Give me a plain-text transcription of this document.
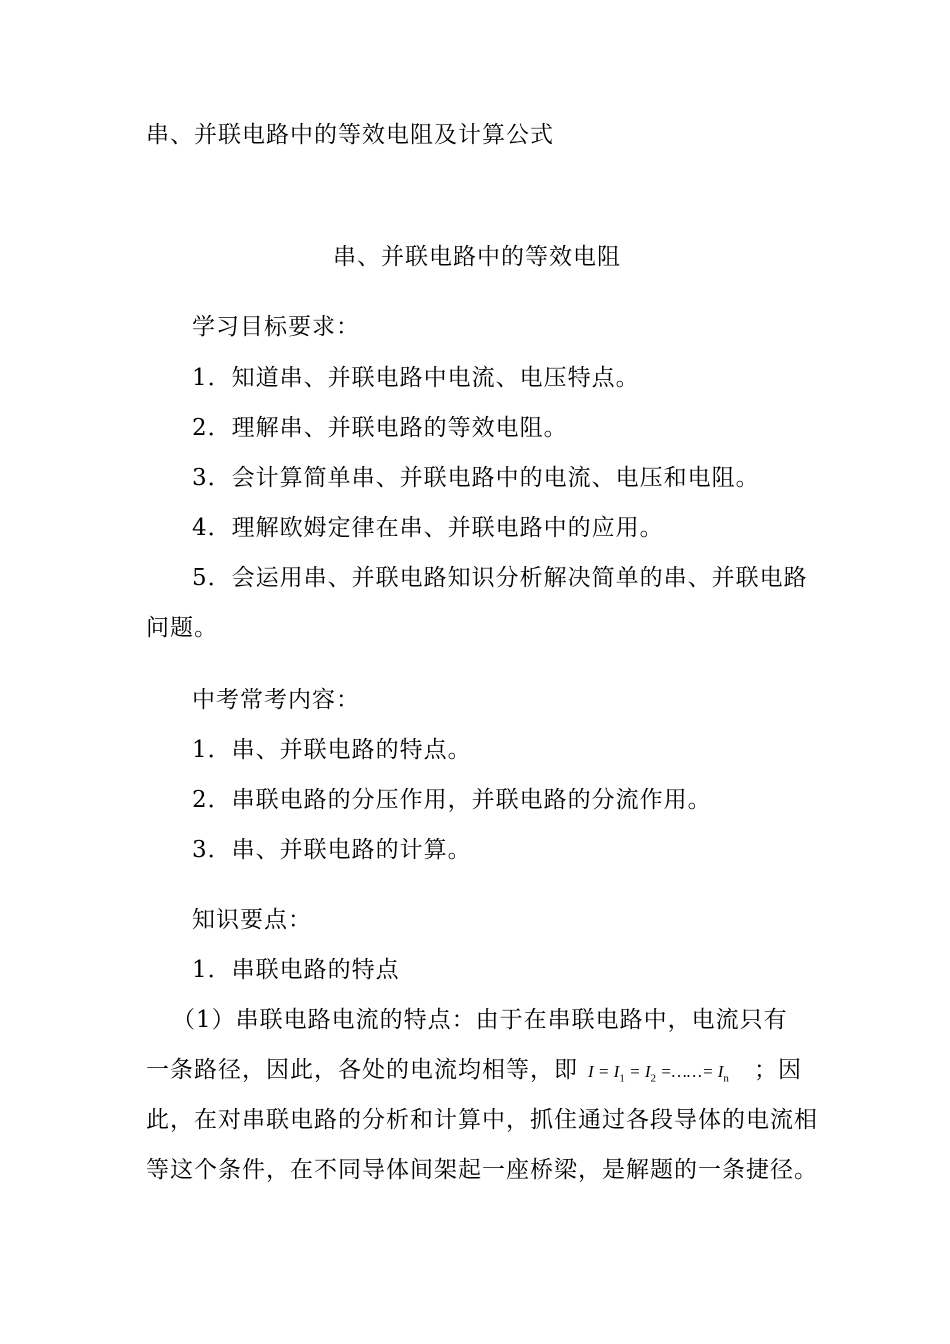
串、并联电路中的等效电阻及计算公式
串、并联电路中的等效电阻
学习目标要求：
1．知道串、并联电路中电流、电压特点。
2．理解串、并联电路的等效电阻。
3．会计算简单串、并联电路中的电流、电压和电阻。
4．理解欧姆定律在串、并联电路中的应用。
5．会运用串、并联电路知识分析解决简单的串、并联电路
问题。
中考常考内容：
1．串、并联电路的特点。
2．串联电路的分压作用，并联电路的分流作用。
3．串、并联电路的计算。
知识要点：
1．串联电路的特点
（1）串联电路电流的特点：由于在串联电路中，电流只有
一条路径，因此，各处的电流均相等，即 $I = I_1 = I_2$ =……= $I_n$ ；因
此，在对串联电路的分析和计算中，抓住通过各段导体的电流相
等这个条件，在不同导体间架起一座桥梁，是解题的一条捷径。
